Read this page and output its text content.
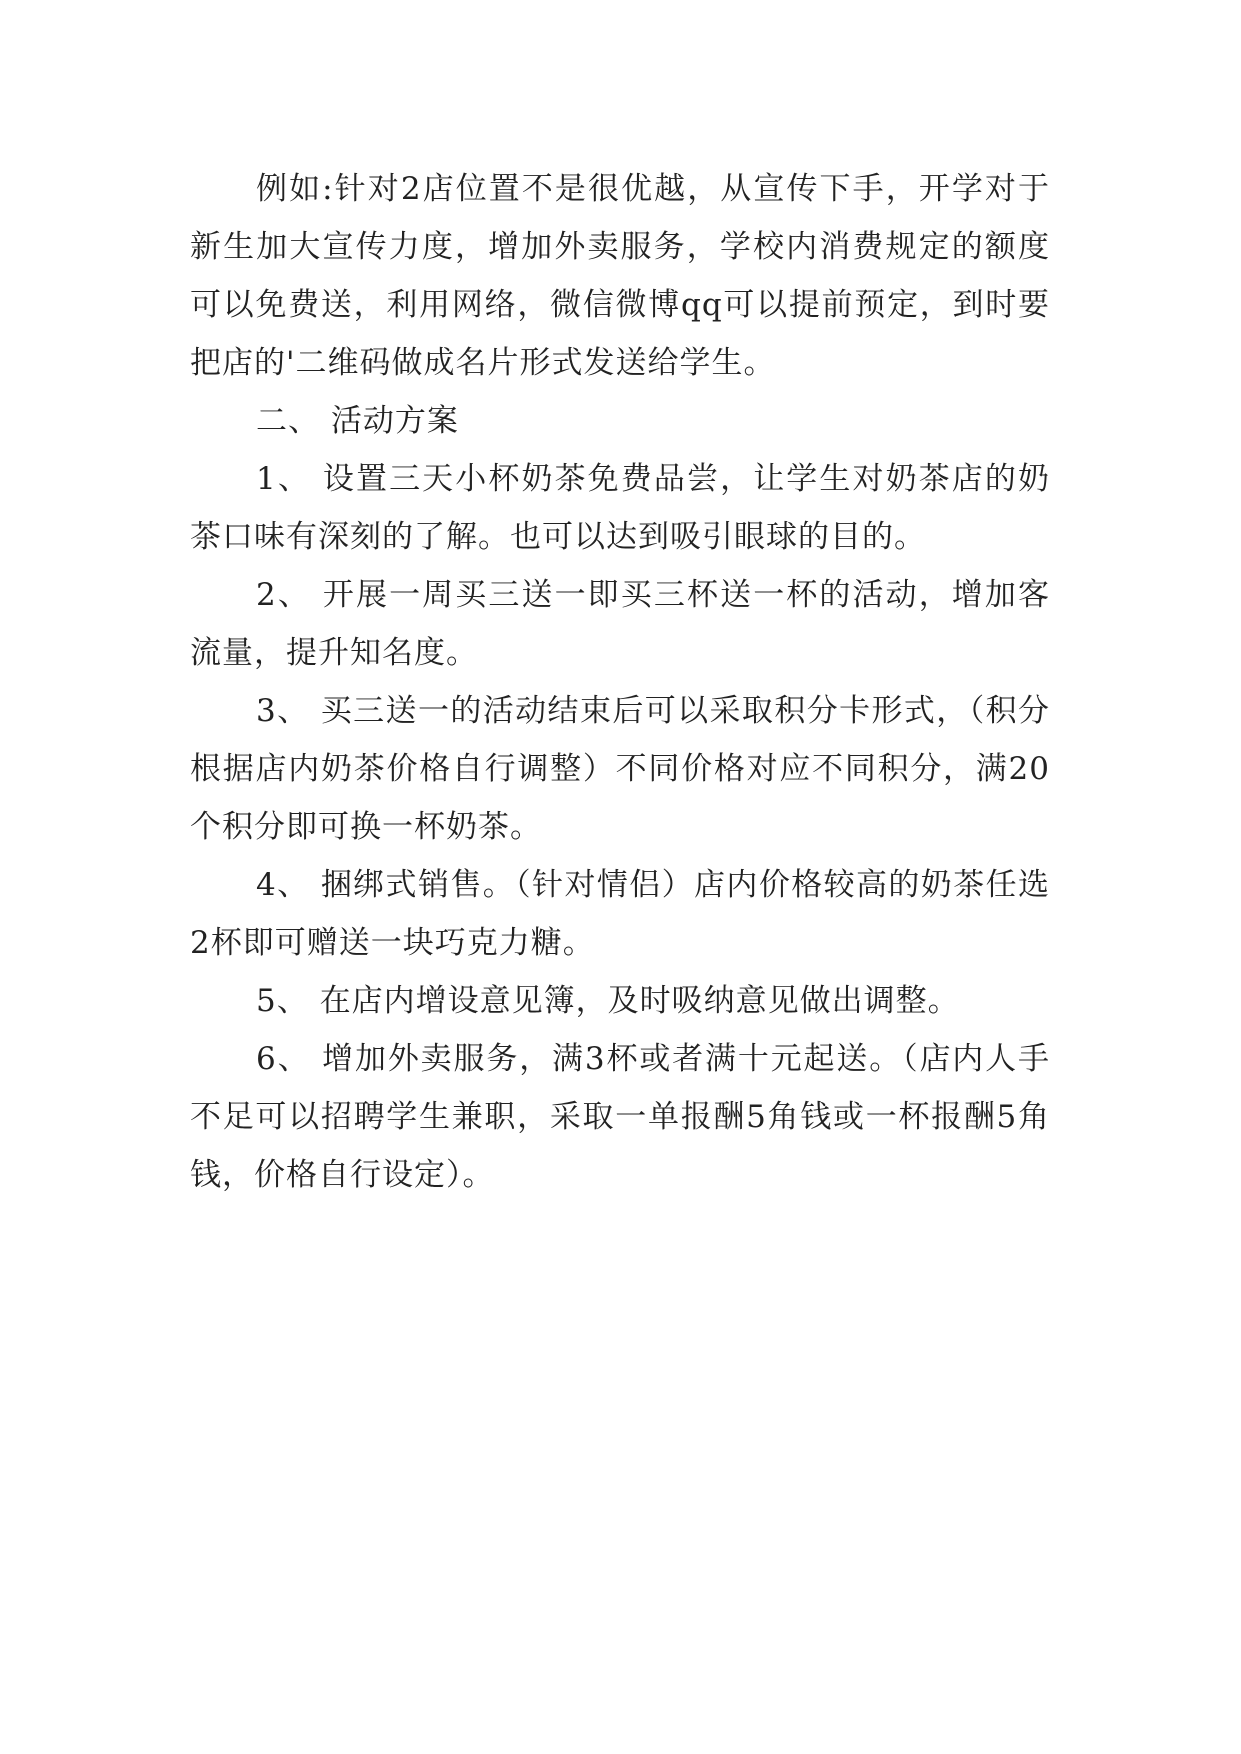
例如:针对2店位置不是很优越，从宣传下手，开学对于新生加大宣传力度，增加外卖服务，学校内消费规定的额度可以免费送，利用网络，微信微博qq可以提前预定，到时要把店的'二维码做成名片形式发送给学生。

二、 活动方案

1、 设置三天小杯奶茶免费品尝，让学生对奶茶店的奶茶口味有深刻的了解。也可以达到吸引眼球的目的。

2、 开展一周买三送一即买三杯送一杯的活动，增加客流量，提升知名度。

3、 买三送一的活动结束后可以采取积分卡形式，（积分根据店内奶茶价格自行调整）不同价格对应不同积分，满20个积分即可换一杯奶茶。

4、 捆绑式销售。（针对情侣）店内价格较高的奶茶任选2杯即可赠送一块巧克力糖。

5、 在店内增设意见簿，及时吸纳意见做出调整。

6、 增加外卖服务，满3杯或者满十元起送。（店内人手不足可以招聘学生兼职，采取一单报酬5角钱或一杯报酬5角钱，价格自行设定）。
